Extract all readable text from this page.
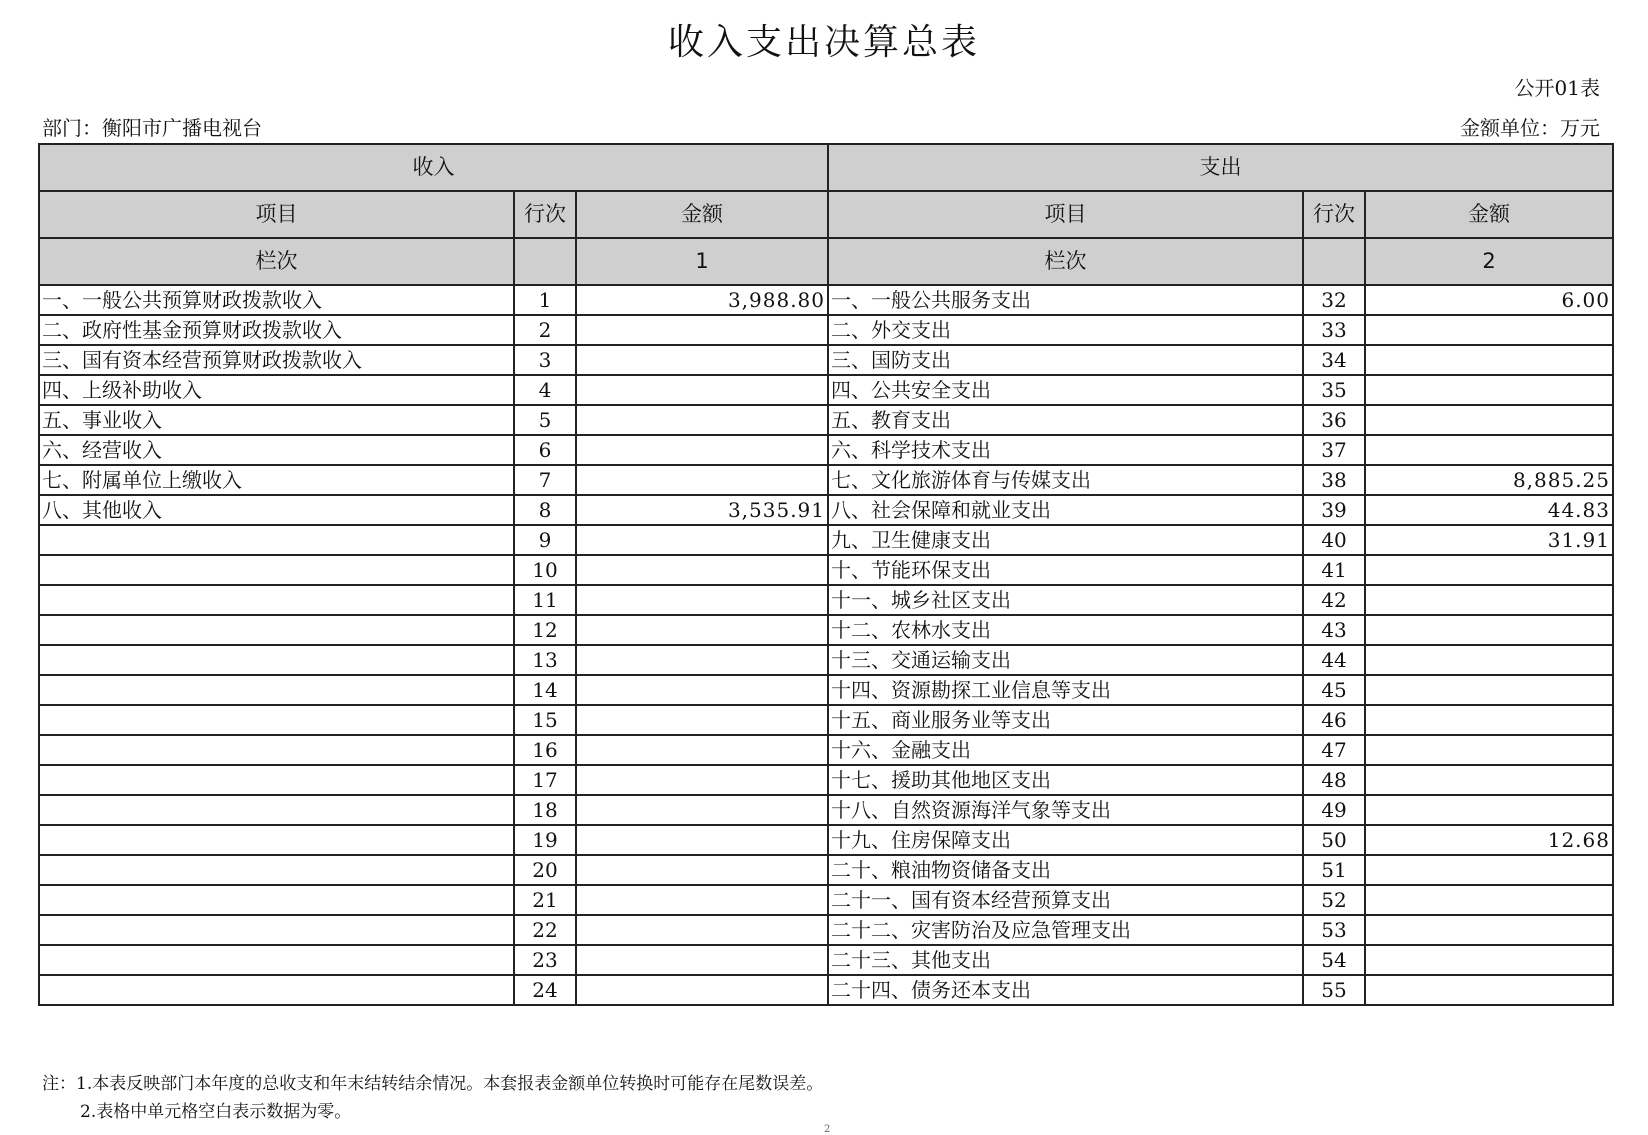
收入支出决算总表
公开01表
部门：衡阳市广播电视台	金额单位：万元
收入			支出		
项目	行次	金额	项目	行次	金额
栏次		1	栏次		2
一、一般公共预算财政拨款收入	1	3,988.80	一、一般公共服务支出	32	6.00
二、政府性基金预算财政拨款收入	2		二、外交支出	33	
三、国有资本经营预算财政拨款收入	3		三、国防支出	34	
四、上级补助收入	4		四、公共安全支出	35	
五、事业收入	5		五、教育支出	36	
六、经营收入	6		六、科学技术支出	37	
七、附属单位上缴收入	7		七、文化旅游体育与传媒支出	38	8,885.25
八、其他收入	8	3,535.91	八、社会保障和就业支出	39	44.83
	9		九、卫生健康支出	40	31.91
	10		十、节能环保支出	41	
	11		十一、城乡社区支出	42	
	12		十二、农林水支出	43	
	13		十三、交通运输支出	44	
	14		十四、资源勘探工业信息等支出	45	
	15		十五、商业服务业等支出	46	
	16		十六、金融支出	47	
	17		十七、援助其他地区支出	48	
	18		十八、自然资源海洋气象等支出	49	
	19		十九、住房保障支出	50	12.68
	20		二十、粮油物资储备支出	51	
	21		二十一、国有资本经营预算支出	52	
	22		二十二、灾害防治及应急管理支出	53	
	23		二十三、其他支出	54	
	24		二十四、债务还本支出	55	
注：1.本表反映部门本年度的总收支和年末结转结余情况。本套报表金额单位转换时可能存在尾数误差。
2.表格中单元格空白表示数据为零。
2
